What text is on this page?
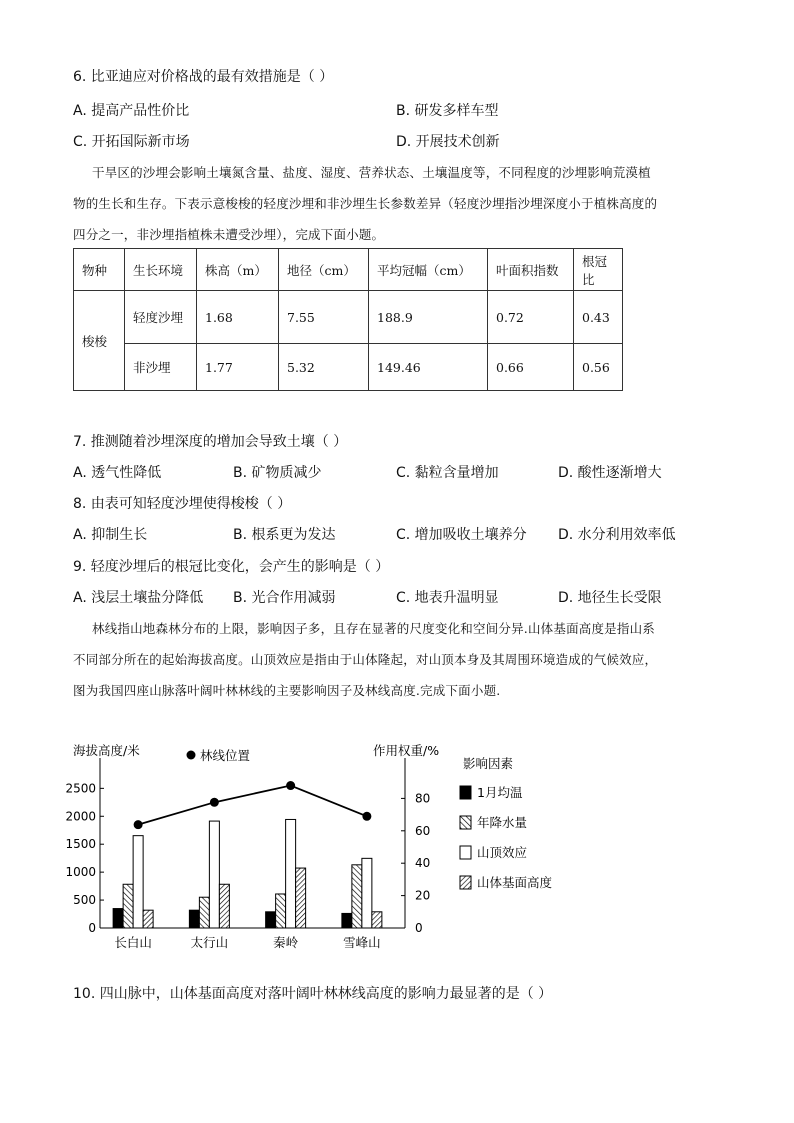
6. 比亚迪应对价格战的最有效措施是（ ）
A. 提高产品性价比	B. 研发多样车型
C. 开拓国际新市场	D. 开展技术创新
干旱区的沙埋会影响土壤氮含量、盐度、湿度、营养状态、土壤温度等，不同程度的沙埋影响荒漠植
物的生长和生存。下表示意梭梭的轻度沙埋和非沙埋生长参数差异（轻度沙埋指沙埋深度小于植株高度的
四分之一，非沙埋指植株未遭受沙埋），完成下面小题。
物种	生长环境	株高（m）	地径（cm）	平均冠幅（cm）	叶面积指数	根冠比
梭梭	轻度沙埋	1.68	7.55	188.9	0.72	0.43
	非沙埋	1.77	5.32	149.46	0.66	0.56
7. 推测随着沙埋深度的增加会导致土壤（ ）
A. 透气性降低	B. 矿物质减少	C. 黏粒含量增加	D. 酸性逐渐增大
8. 由表可知轻度沙埋使得梭梭（ ）
A. 抑制生长	B. 根系更为发达	C. 增加吸收土壤养分 D. 水分利用效率低
9. 轻度沙埋后的根冠比变化，会产生的影响是（ ）
A. 浅层土壤盐分降低 B. 光合作用减弱	C. 地表升温明显	D. 地径生长受限
林线指山地森林分布的上限，影响因子多，且存在显著的尺度变化和空间分异.山体基面高度是指山系
不同部分所在的起始海拔高度。山顶效应是指由于山体隆起，对山顶本身及其周围环境造成的气候效应，
图为我国四座山脉落叶阔叶林林线的主要影响因子及林线高度.完成下面小题.
海拔高度/米	林线位置	作用权重/%
影响因素
0
500
1000
1500
2000
2500
0
20
40
60
80
长白山	太行山	秦岭	雪峰山
1月均温
年降水量
山顶效应
山体基面高度
10. 四山脉中，山体基面高度对落叶阔叶林林线高度的影响力最显著的是（ ）
